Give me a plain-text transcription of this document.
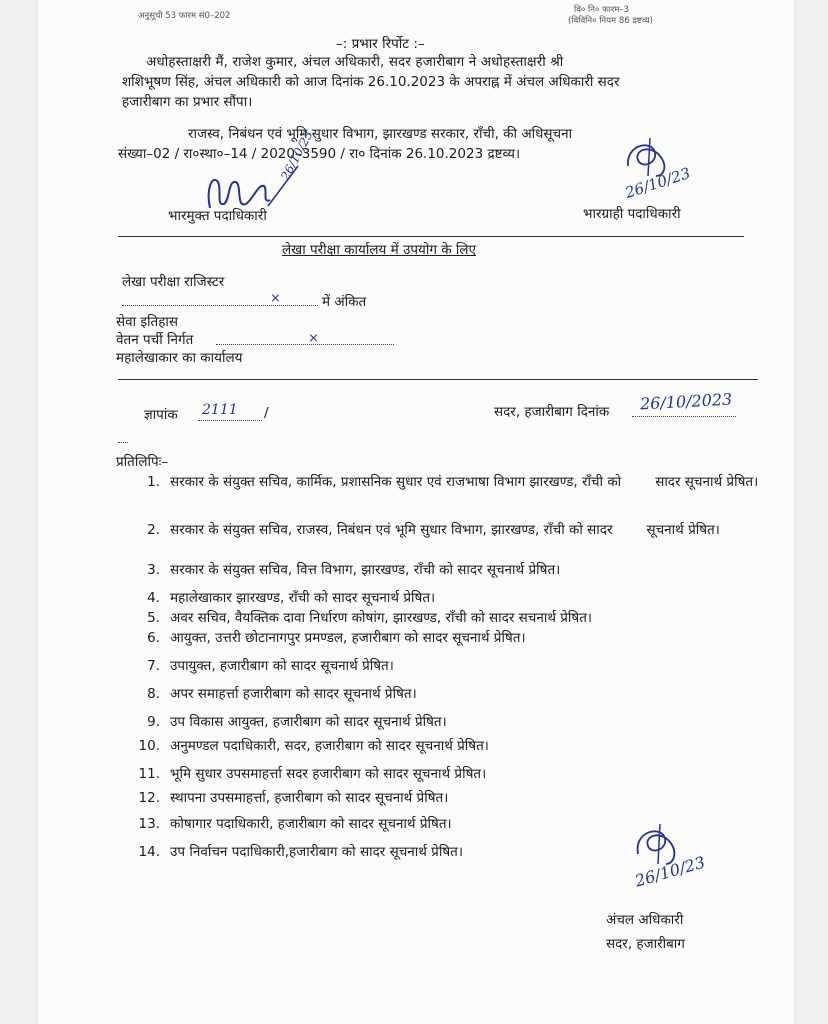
अनुसूची 53 फारम सं0–202
वि० नि० फारम–3
(विविनि० नियम 86 द्रष्टव्य)
–: प्रभार रिर्पोट :–
अधोहस्ताक्षरी मैं, राजेश कुमार, अंचल अधिकारी, सदर हजारीबाग ने अधोहस्ताक्षरी श्री
शशिभूषण सिंह, अंचल अधिकारी को आज दिनांक 26.10.2023 के अपराह्न में अंचल अधिकारी सदर
हजारीबाग का प्रभार सौंपा।
राजस्व, निबंधन एवं भूमि सुधार विभाग, झारखण्ड सरकार, रॉंची, की अधिसूचना
संख्या–02 / रा०स्था०–14 / 2020–3590 / रा० दिनांक 26.10.2023 द्रष्टव्य।
26/10/23
भारमुक्त पदाधिकारी
26/10/23
भारग्राही पदाधिकारी
लेखा परीक्षा कार्यालय में उपयोग के लिए
लेखा परीक्षा राजिस्टर
×	में अंकित
सेवा इतिहास
वेतन पर्ची निर्गत	×
महालेखाकार का कार्यालय
ज्ञापांक 2111 /	सदर, हजारीबाग दिनांक 26/10/2023
प्रतिलिपिः–
1. सरकार के संयुक्त सचिव, कार्मिक, प्रशासनिक सुधार एवं राजभाषा विभाग झारखण्ड, रॉंची को	सादर सूचनार्थ प्रेषित।
2. सरकार के संयुक्त सचिव, राजस्व, निबंधन एवं भूमि सुधार विभाग, झारखण्ड, रॉंची को सादर	सूचनार्थ प्रेषित।
3. सरकार के संयुक्त सचिव, वित्त विभाग, झारखण्ड, रॉंची को सादर सूचनार्थ प्रेषित।
4. महालेखाकार झारखण्ड, रॉंची को सादर सूचनार्थ प्रेषित।
5. अवर सचिव, वैयक्तिक दावा निर्धारण कोषांग, झारखण्ड, रॉंची को सादर सचनार्थ प्रेषित।
6. आयुक्त, उत्तरी छोटानागपुर प्रमण्डल, हजारीबाग को सादर सूचनार्थ प्रेषित।
7. उपायुक्त, हजारीबाग को सादर सूचनार्थ प्रेषित।
8. अपर समाहर्त्ता हजारीबाग को सादर सूचनार्थ प्रेषित।
9. उप विकास आयुक्त, हजारीबाग को सादर सूचनार्थ प्रेषित।
10. अनुमण्डल पदाधिकारी, सदर, हजारीबाग को सादर सूचनार्थ प्रेषित।
11. भूमि सुधार उपसमाहर्त्ता सदर हजारीबाग को सादर सूचनार्थ प्रेषित।
12. स्थापना उपसमाहर्त्ता, हजारीबाग को सादर सूचनार्थ प्रेषित।
13. कोषागार पदाधिकारी, हजारीबाग को सादर सूचनार्थ प्रेषित।
14. उप निर्वाचन पदाधिकारी,हजारीबाग को सादर सूचनार्थ प्रेषित।
26/10/23
अंचल अधिकारी
सदर, हजारीबाग
